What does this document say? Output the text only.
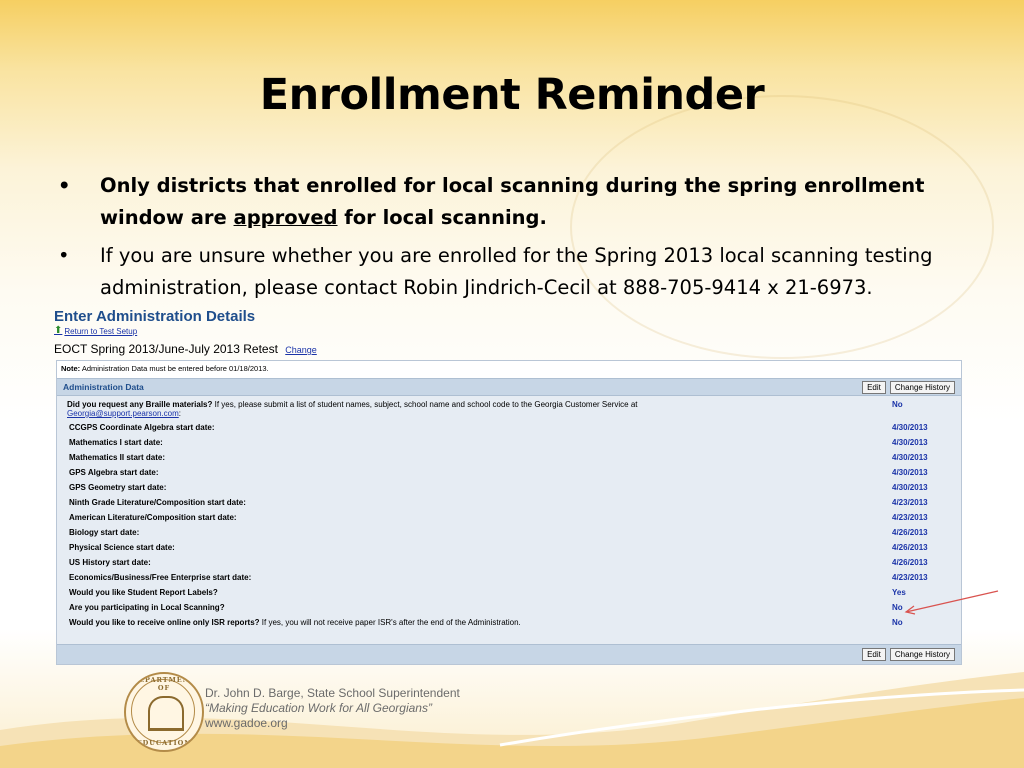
Enrollment Reminder
• Only districts that enrolled for local scanning during the spring enrollment window are approved for local scanning.
• If you are unsure whether you are enrolled for the Spring 2013 local scanning testing administration, please contact Robin Jindrich-Cecil at 888-705-9414 x 21-6973.
Enter Administration Details
⬆ Return to Test Setup
EOCT Spring 2013/June-July 2013 Retest Change
Note: Administration Data must be entered before 01/18/2013.
Administration Data	Edit	Change History
Did you request any Braille materials? If yes, please submit a list of student names, subject, school name and school code to the Georgia Customer Service at
Georgia@support.pearson.com:
No
CCGPS Coordinate Algebra start date:	4/30/2013
Mathematics I start date:	4/30/2013
Mathematics II start date:	4/30/2013
GPS Algebra start date:	4/30/2013
GPS Geometry start date:	4/30/2013
Ninth Grade Literature/Composition start date:	4/23/2013
American Literature/Composition start date:	4/23/2013
Biology start date:	4/26/2013
Physical Science start date:	4/26/2013
US History start date:	4/26/2013
Economics/Business/Free Enterprise start date:	4/23/2013
Would you like Student Report Labels?	Yes
Are you participating in Local Scanning?	No
Would you like to receive online only ISR reports? If yes, you will not receive paper ISR's after the end of the Administration.	No
Edit	Change History
DEPARTMENT OF
EDUCATION
Dr. John D. Barge, State School Superintendent
“Making Education Work for All Georgians”
www.gadoe.org
